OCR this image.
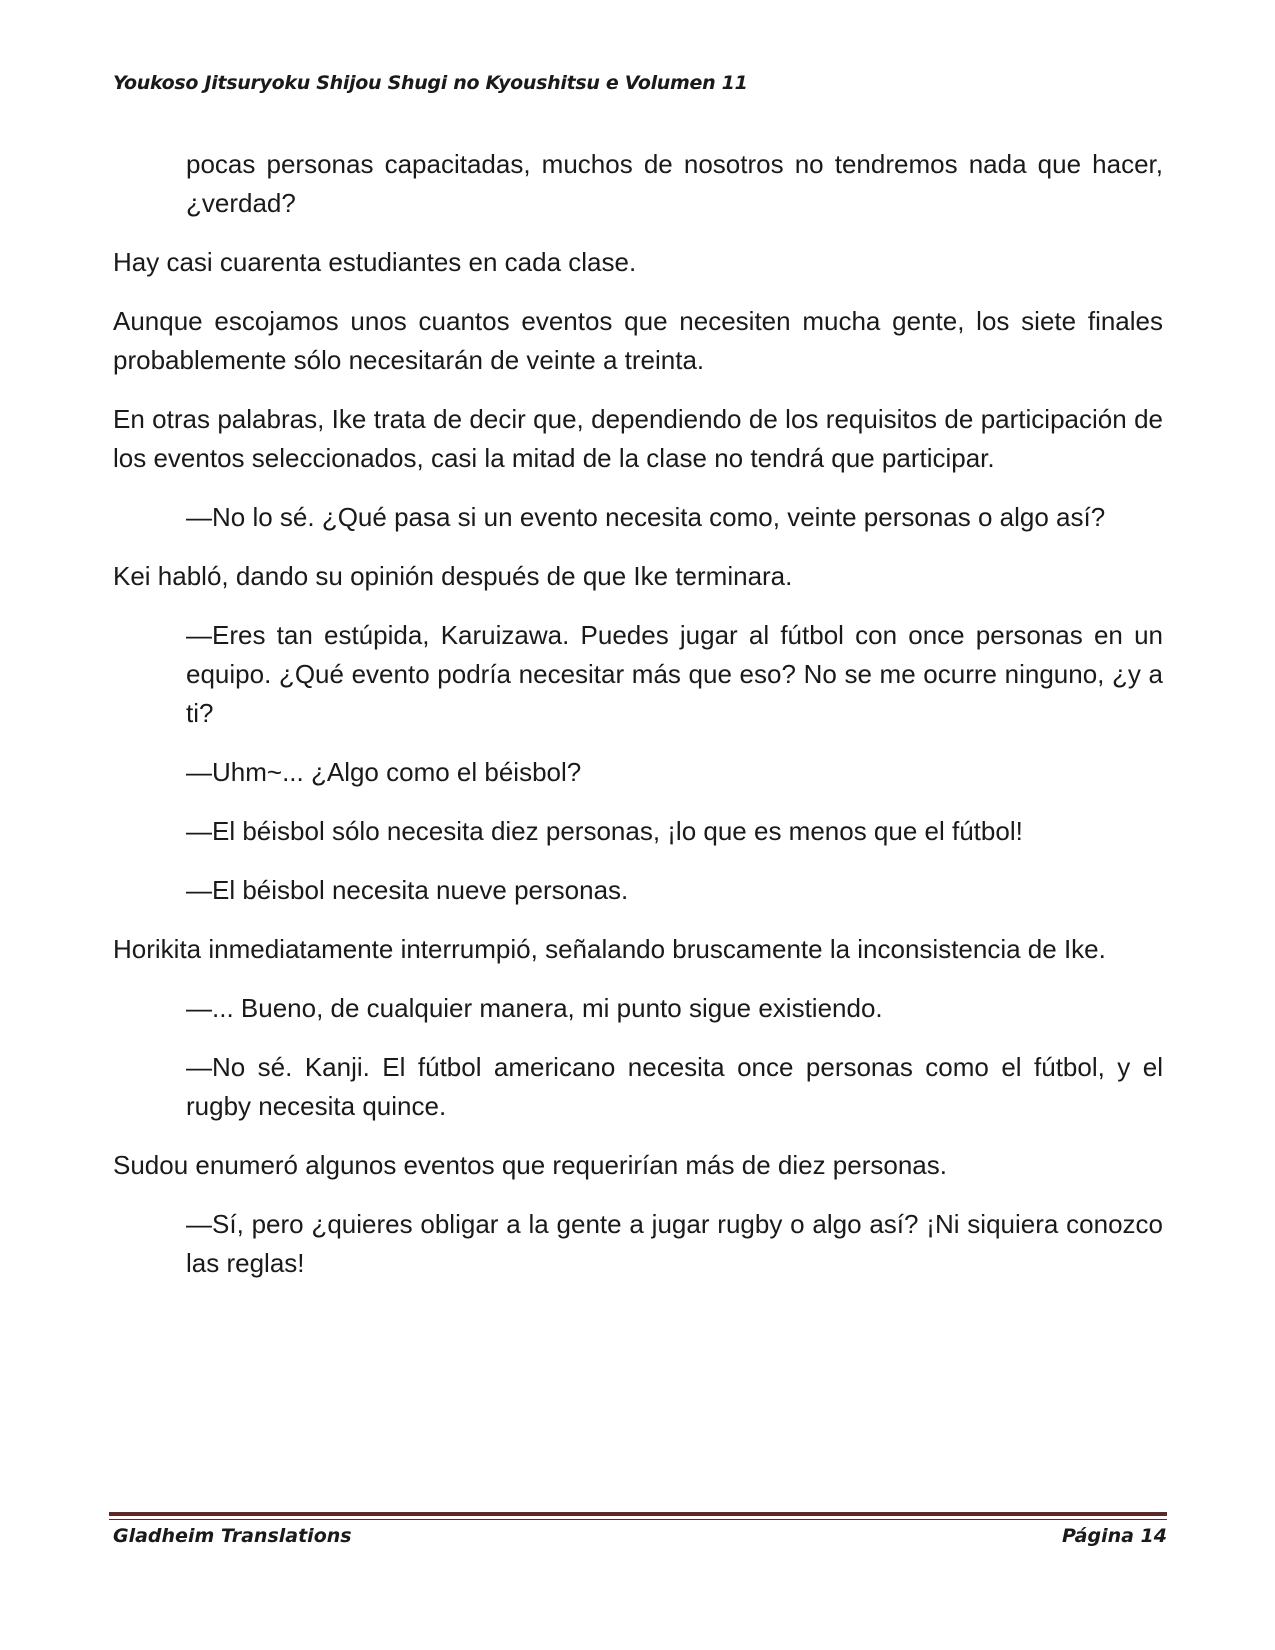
Youkoso Jitsuryoku Shijou Shugi no Kyoushitsu e Volumen 11

pocas personas capacitadas, muchos de nosotros no tendremos nada que hacer, ¿verdad?

Hay casi cuarenta estudiantes en cada clase.

Aunque escojamos unos cuantos eventos que necesiten mucha gente, los siete finales probablemente sólo necesitarán de veinte a treinta.

En otras palabras, Ike trata de decir que, dependiendo de los requisitos de participación de los eventos seleccionados, casi la mitad de la clase no tendrá que participar.

—No lo sé. ¿Qué pasa si un evento necesita como, veinte personas o algo así?

Kei habló, dando su opinión después de que Ike terminara.

—Eres tan estúpida, Karuizawa. Puedes jugar al fútbol con once personas en un equipo. ¿Qué evento podría necesitar más que eso? No se me ocurre ninguno, ¿y a ti?

—Uhm~... ¿Algo como el béisbol?

—El béisbol sólo necesita diez personas, ¡lo que es menos que el fútbol!

—El béisbol necesita nueve personas.

Horikita inmediatamente interrumpió, señalando bruscamente la inconsistencia de Ike.

—... Bueno, de cualquier manera, mi punto sigue existiendo.

—No sé. Kanji. El fútbol americano necesita once personas como el fútbol, y el rugby necesita quince.

Sudou enumeró algunos eventos que requerirían más de diez personas.

—Sí, pero ¿quieres obligar a la gente a jugar rugby o algo así? ¡Ni siquiera conozco las reglas!

Gladheim Translations	Página 14
